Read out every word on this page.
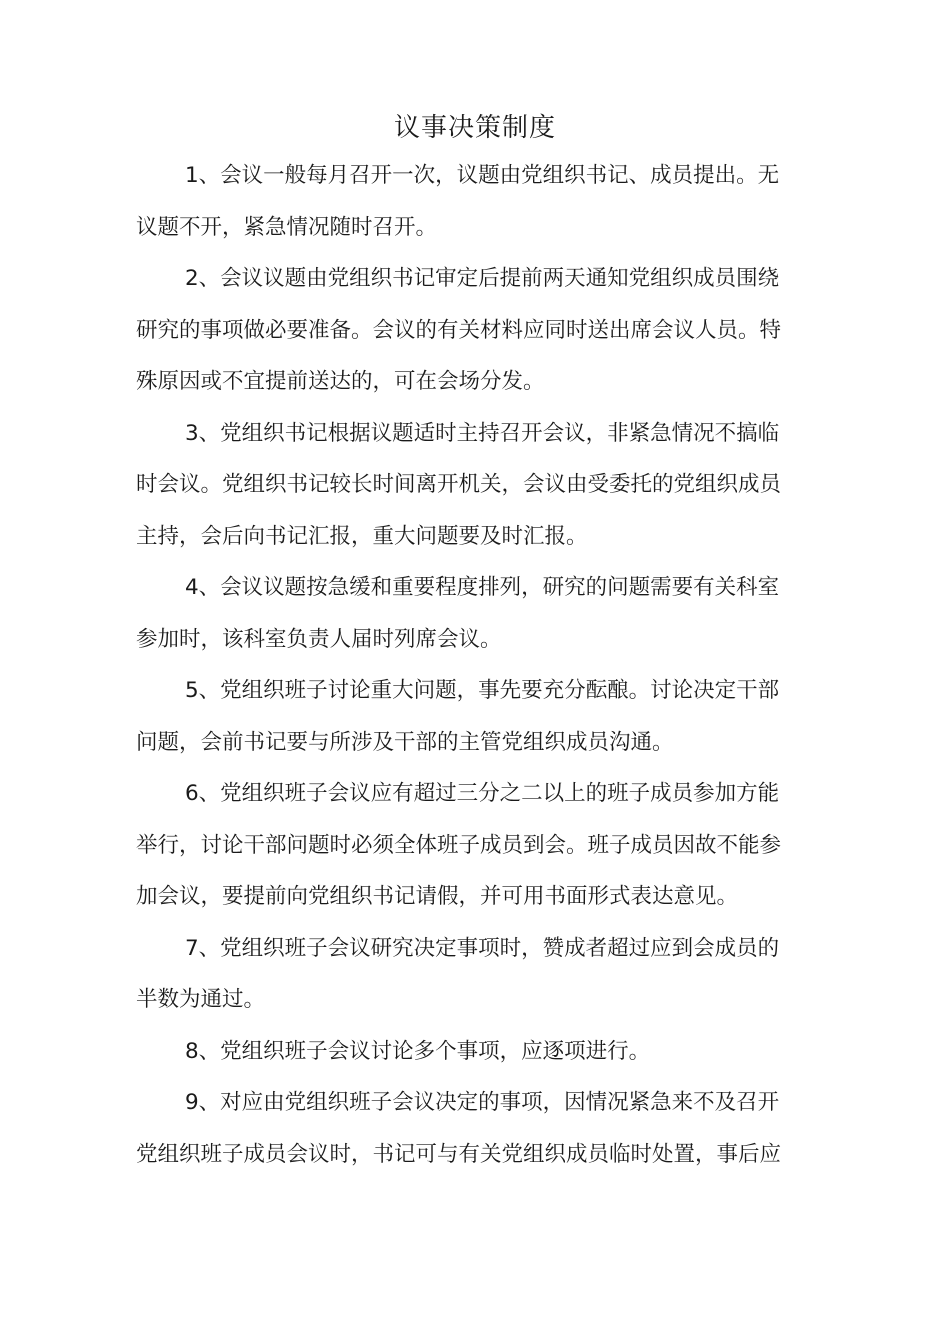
议事决策制度
1、会议一般每月召开一次，议题由党组织书记、成员提出。无
议题不开，紧急情况随时召开。
2、会议议题由党组织书记审定后提前两天通知党组织成员围绕
研究的事项做必要准备。会议的有关材料应同时送出席会议人员。特
殊原因或不宜提前送达的，可在会场分发。
3、党组织书记根据议题适时主持召开会议，非紧急情况不搞临
时会议。党组织书记较长时间离开机关，会议由受委托的党组织成员
主持，会后向书记汇报，重大问题要及时汇报。
4、会议议题按急缓和重要程度排列，研究的问题需要有关科室
参加时，该科室负责人届时列席会议。
5、党组织班子讨论重大问题，事先要充分酝酿。讨论决定干部
问题，会前书记要与所涉及干部的主管党组织成员沟通。
6、党组织班子会议应有超过三分之二以上的班子成员参加方能
举行，讨论干部问题时必须全体班子成员到会。班子成员因故不能参
加会议，要提前向党组织书记请假，并可用书面形式表达意见。
7、党组织班子会议研究决定事项时，赞成者超过应到会成员的
半数为通过。
8、党组织班子会议讨论多个事项，应逐项进行。
9、对应由党组织班子会议决定的事项，因情况紧急来不及召开
党组织班子成员会议时，书记可与有关党组织成员临时处置，事后应
